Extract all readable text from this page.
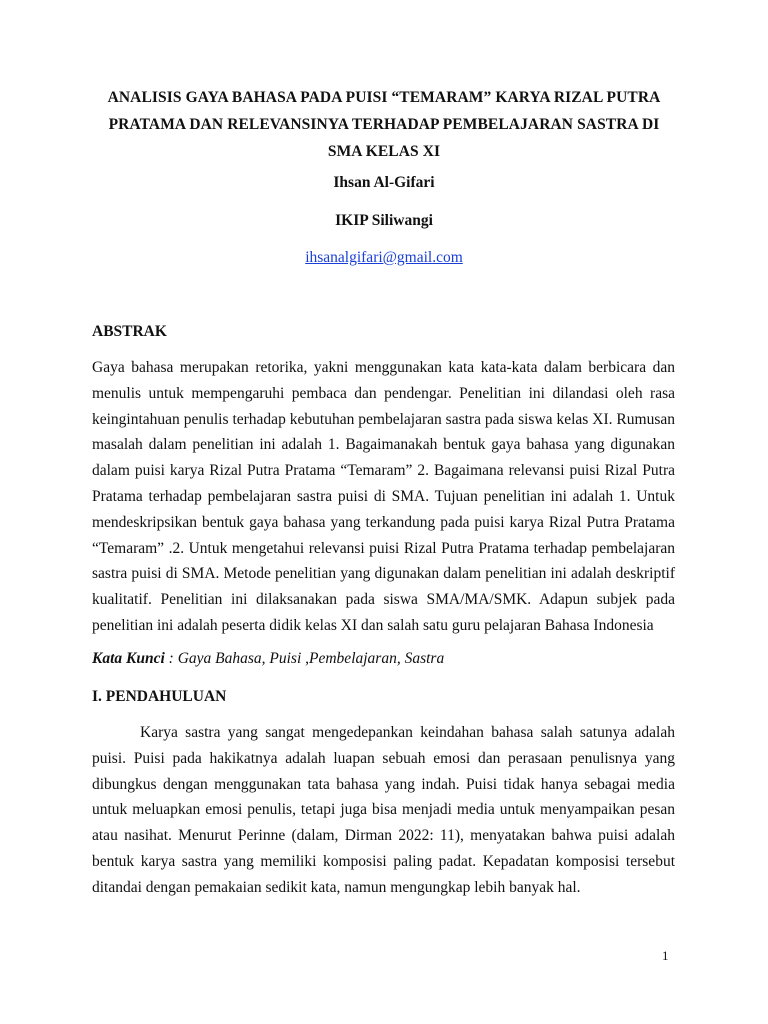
ANALISIS GAYA BAHASA PADA PUISI “TEMARAM” KARYA RIZAL PUTRA PRATAMA DAN RELEVANSINYA TERHADAP PEMBELAJARAN SASTRA DI SMA KELAS XI
Ihsan Al-Gifari
IKIP Siliwangi
ihsanalgifari@gmail.com
ABSTRAK

Gaya bahasa merupakan retorika, yakni menggunakan kata kata-kata dalam berbicara dan menulis untuk mempengaruhi pembaca dan pendengar. Penelitian ini dilandasi oleh rasa keingintahuan penulis terhadap kebutuhan pembelajaran sastra pada siswa kelas XI. Rumusan masalah dalam penelitian ini adalah 1. Bagaimanakah bentuk gaya bahasa yang digunakan dalam puisi karya Rizal Putra Pratama “Temaram” 2. Bagaimana relevansi puisi Rizal Putra Pratama terhadap pembelajaran sastra puisi di SMA. Tujuan penelitian ini adalah 1. Untuk mendeskripsikan bentuk gaya bahasa yang terkandung pada puisi karya Rizal Putra Pratama “Temaram” .2. Untuk mengetahui relevansi puisi Rizal Putra Pratama terhadap pembelajaran sastra puisi di SMA. Metode penelitian yang digunakan dalam penelitian ini adalah deskriptif kualitatif. Penelitian ini dilaksanakan pada siswa SMA/MA/SMK. Adapun subjek pada penelitian ini adalah peserta didik kelas XI dan salah satu guru pelajaran Bahasa Indonesia

Kata Kunci : Gaya Bahasa, Puisi ,Pembelajaran, Sastra
I. PENDAHULUAN

Karya sastra yang sangat mengedepankan keindahan bahasa salah satunya adalah puisi. Puisi pada hakikatnya adalah luapan sebuah emosi dan perasaan penulisnya yang dibungkus dengan menggunakan tata bahasa yang indah. Puisi tidak hanya sebagai media untuk meluapkan emosi penulis, tetapi juga bisa menjadi media untuk menyampaikan pesan atau nasihat. Menurut Perinne (dalam, Dirman 2022: 11), menyatakan bahwa puisi adalah bentuk karya sastra yang memiliki komposisi paling padat. Kepadatan komposisi tersebut ditandai dengan pemakaian sedikit kata, namun mengungkap lebih banyak hal.

1
